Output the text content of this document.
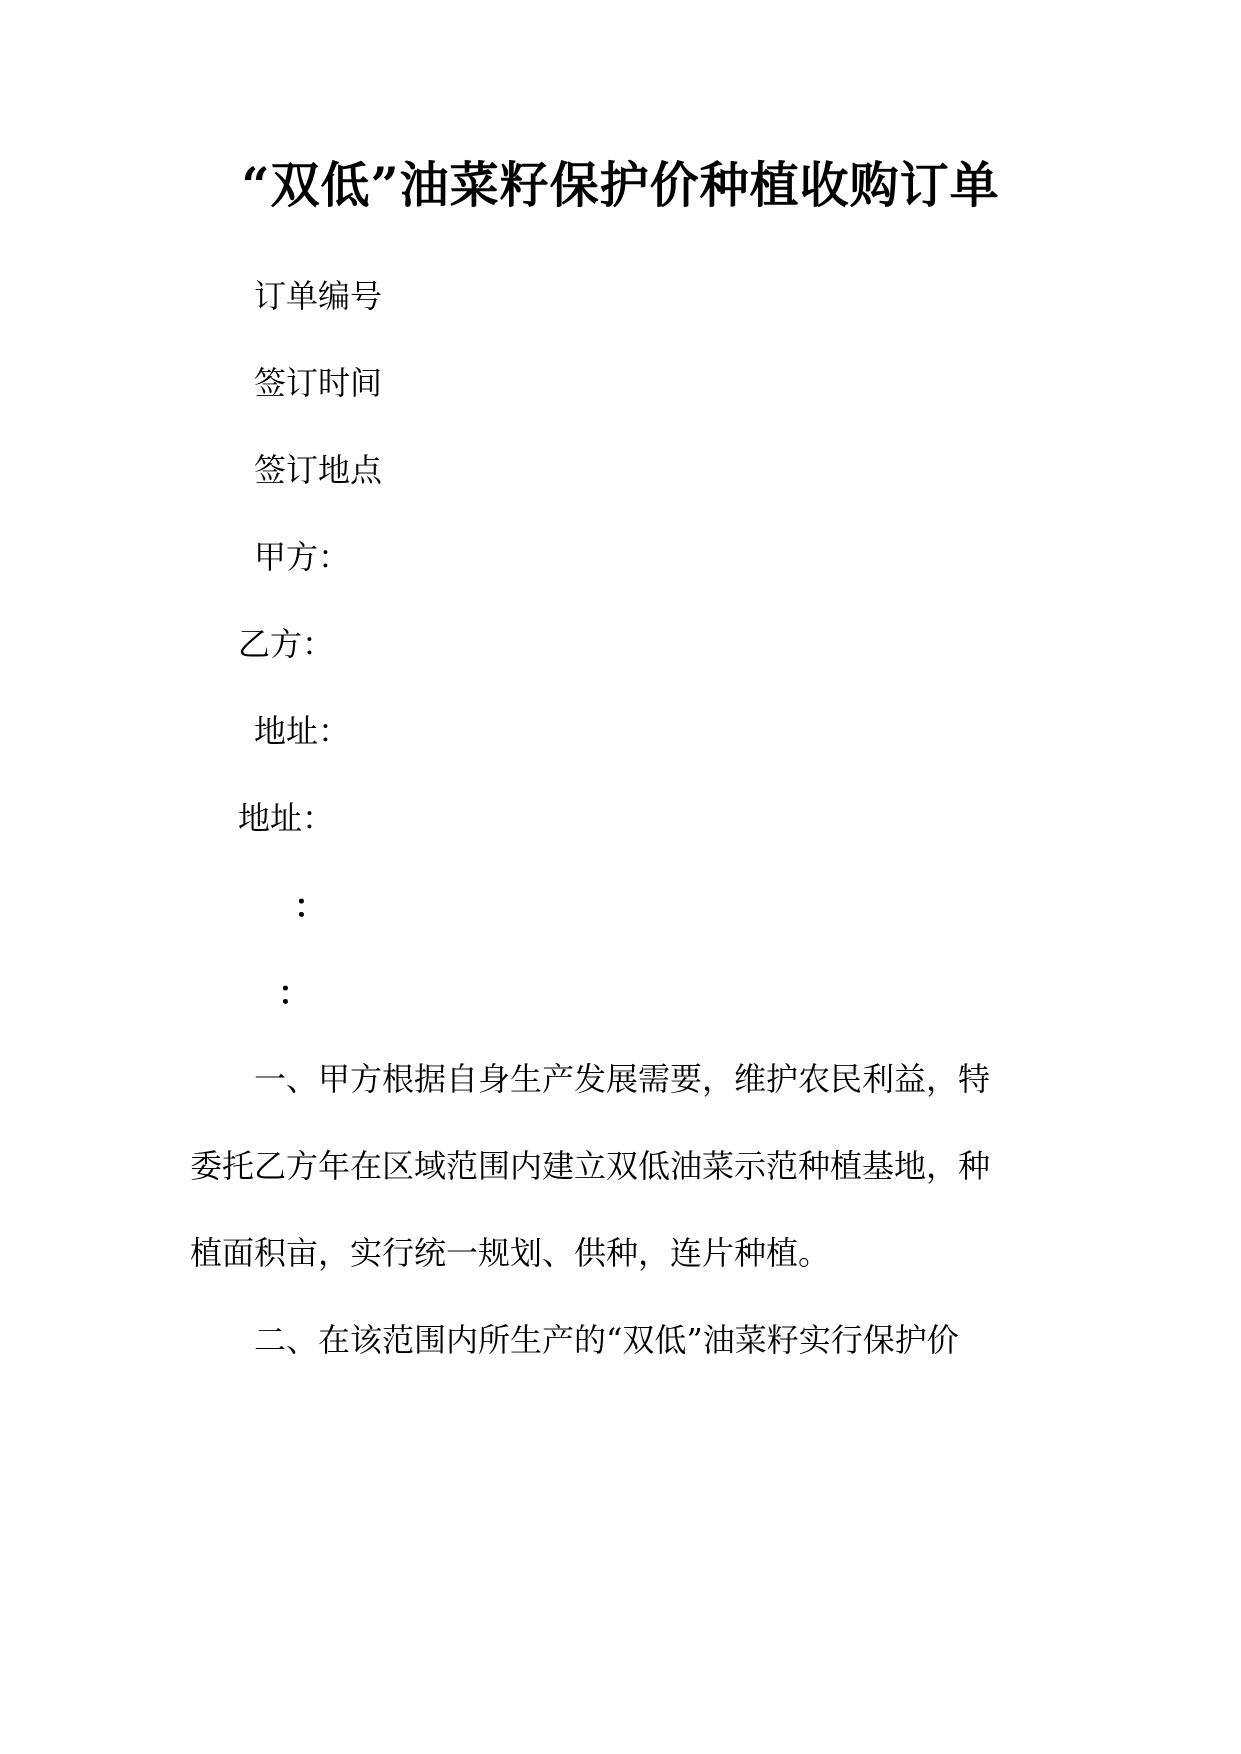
“双低”油菜籽保护价种植收购订单
订单编号
签订时间
签订地点
甲方：
乙方：
地址：
地址：
：
：
一、甲方根据自身生产发展需要，维护农民利益，特
委托乙方年在区域范围内建立双低油菜示范种植基地，种
植面积亩，实行统一规划、供种，连片种植。
二、在该范围内所生产的“双低”油菜籽实行保护价
